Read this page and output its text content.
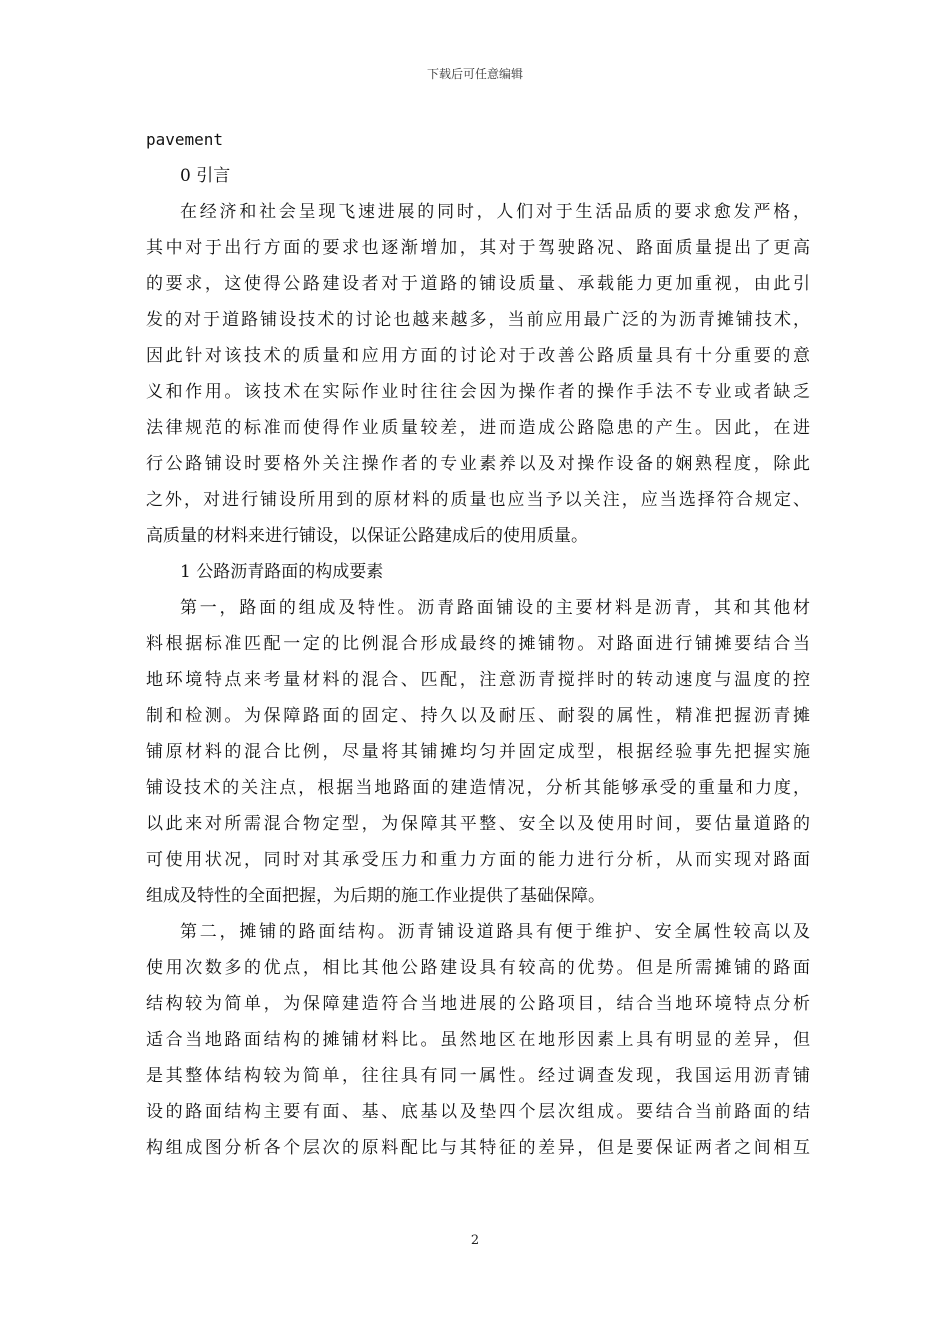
下载后可任意编辑
pavement
0 引言
在经济和社会呈现飞速进展的同时，人们对于生活品质的要求愈发严格，
其中对于出行方面的要求也逐渐增加，其对于驾驶路况、路面质量提出了更高
的要求，这使得公路建设者对于道路的铺设质量、承载能力更加重视，由此引
发的对于道路铺设技术的讨论也越来越多，当前应用最广泛的为沥青摊铺技术，
因此针对该技术的质量和应用方面的讨论对于改善公路质量具有十分重要的意
义和作用。该技术在实际作业时往往会因为操作者的操作手法不专业或者缺乏
法律规范的标准而使得作业质量较差，进而造成公路隐患的产生。因此，在进
行公路铺设时要格外关注操作者的专业素养以及对操作设备的娴熟程度，除此
之外，对进行铺设所用到的原材料的质量也应当予以关注，应当选择符合规定、
高质量的材料来进行铺设，以保证公路建成后的使用质量。
1 公路沥青路面的构成要素
第一，路面的组成及特性。沥青路面铺设的主要材料是沥青，其和其他材
料根据标准匹配一定的比例混合形成最终的摊铺物。对路面进行铺摊要结合当
地环境特点来考量材料的混合、匹配，注意沥青搅拌时的转动速度与温度的控
制和检测。为保障路面的固定、持久以及耐压、耐裂的属性，精准把握沥青摊
铺原材料的混合比例，尽量将其铺摊均匀并固定成型，根据经验事先把握实施
铺设技术的关注点，根据当地路面的建造情况，分析其能够承受的重量和力度，
以此来对所需混合物定型，为保障其平整、安全以及使用时间，要估量道路的
可使用状况，同时对其承受压力和重力方面的能力进行分析，从而实现对路面
组成及特性的全面把握，为后期的施工作业提供了基础保障。
第二，摊铺的路面结构。沥青铺设道路具有便于维护、安全属性较高以及
使用次数多的优点，相比其他公路建设具有较高的优势。但是所需摊铺的路面
结构较为简单，为保障建造符合当地进展的公路项目，结合当地环境特点分析
适合当地路面结构的摊铺材料比。虽然地区在地形因素上具有明显的差异，但
是其整体结构较为简单，往往具有同一属性。经过调查发现，我国运用沥青铺
设的路面结构主要有面、基、底基以及垫四个层次组成。要结合当前路面的结
构组成图分析各个层次的原料配比与其特征的差异，但是要保证两者之间相互
2
